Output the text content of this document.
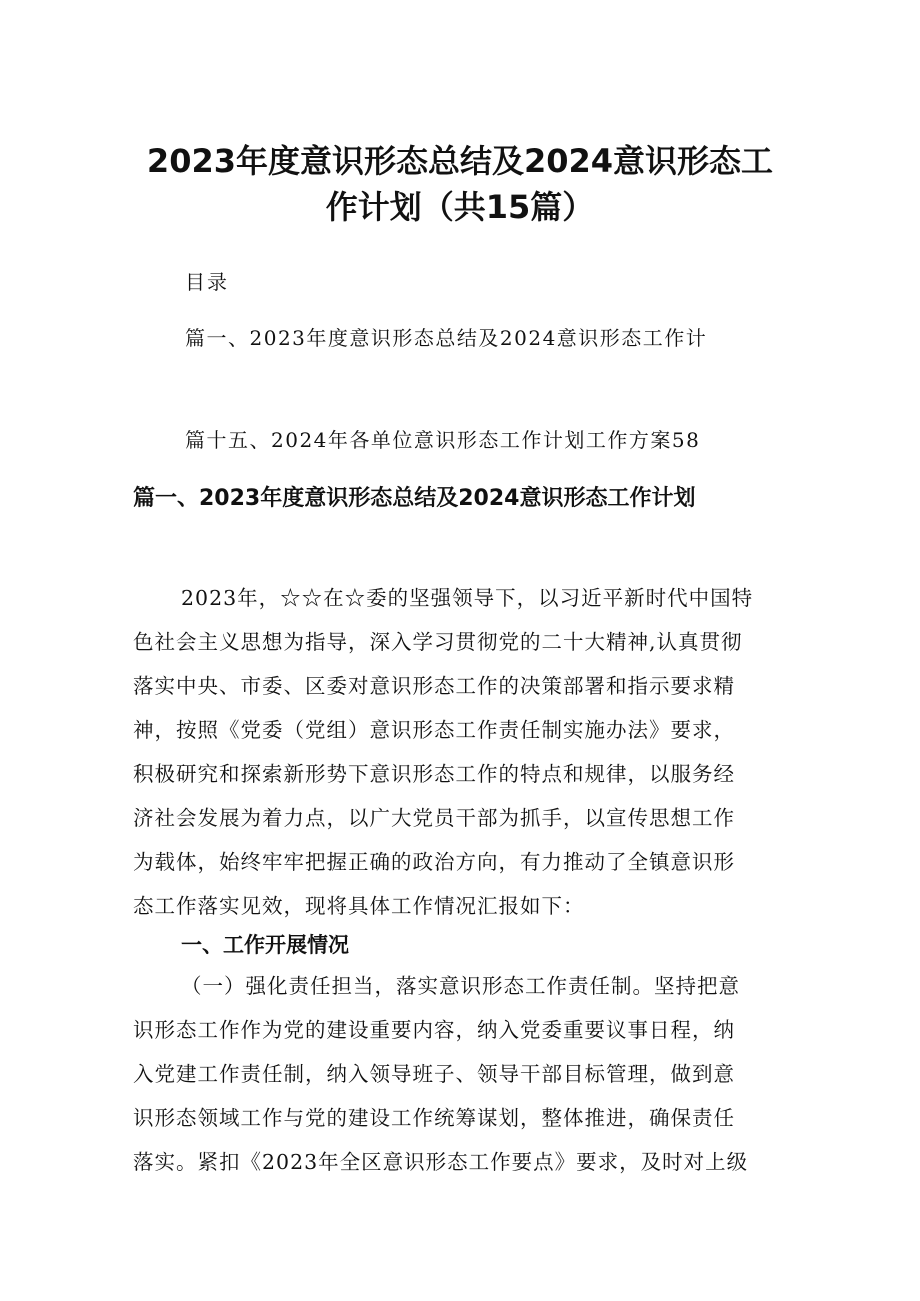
2023年度意识形态总结及2024意识形态工
作计划（共15篇）
目录
篇一、2023年度意识形态总结及2024意识形态工作计
篇十五、2024年各单位意识形态工作计划工作方案58
篇一、2023年度意识形态总结及2024意识形态工作计划
2023年，☆☆在☆委的坚强领导下，以习近平新时代中国特
色社会主义思想为指导，深入学习贯彻党的二十大精神,认真贯彻
落实中央、市委、区委对意识形态工作的决策部署和指示要求精
神，按照《党委（党组）意识形态工作责任制实施办法》要求，
积极研究和探索新形势下意识形态工作的特点和规律，以服务经
济社会发展为着力点，以广大党员干部为抓手，以宣传思想工作
为载体，始终牢牢把握正确的政治方向，有力推动了全镇意识形
态工作落实见效，现将具体工作情况汇报如下：
一、工作开展情况
（一）强化责任担当，落实意识形态工作责任制。坚持把意
识形态工作作为党的建设重要内容，纳入党委重要议事日程，纳
入党建工作责任制，纳入领导班子、领导干部目标管理，做到意
识形态领域工作与党的建设工作统筹谋划，整体推进，确保责任
落实。紧扣《2023年全区意识形态工作要点》要求，及时对上级
